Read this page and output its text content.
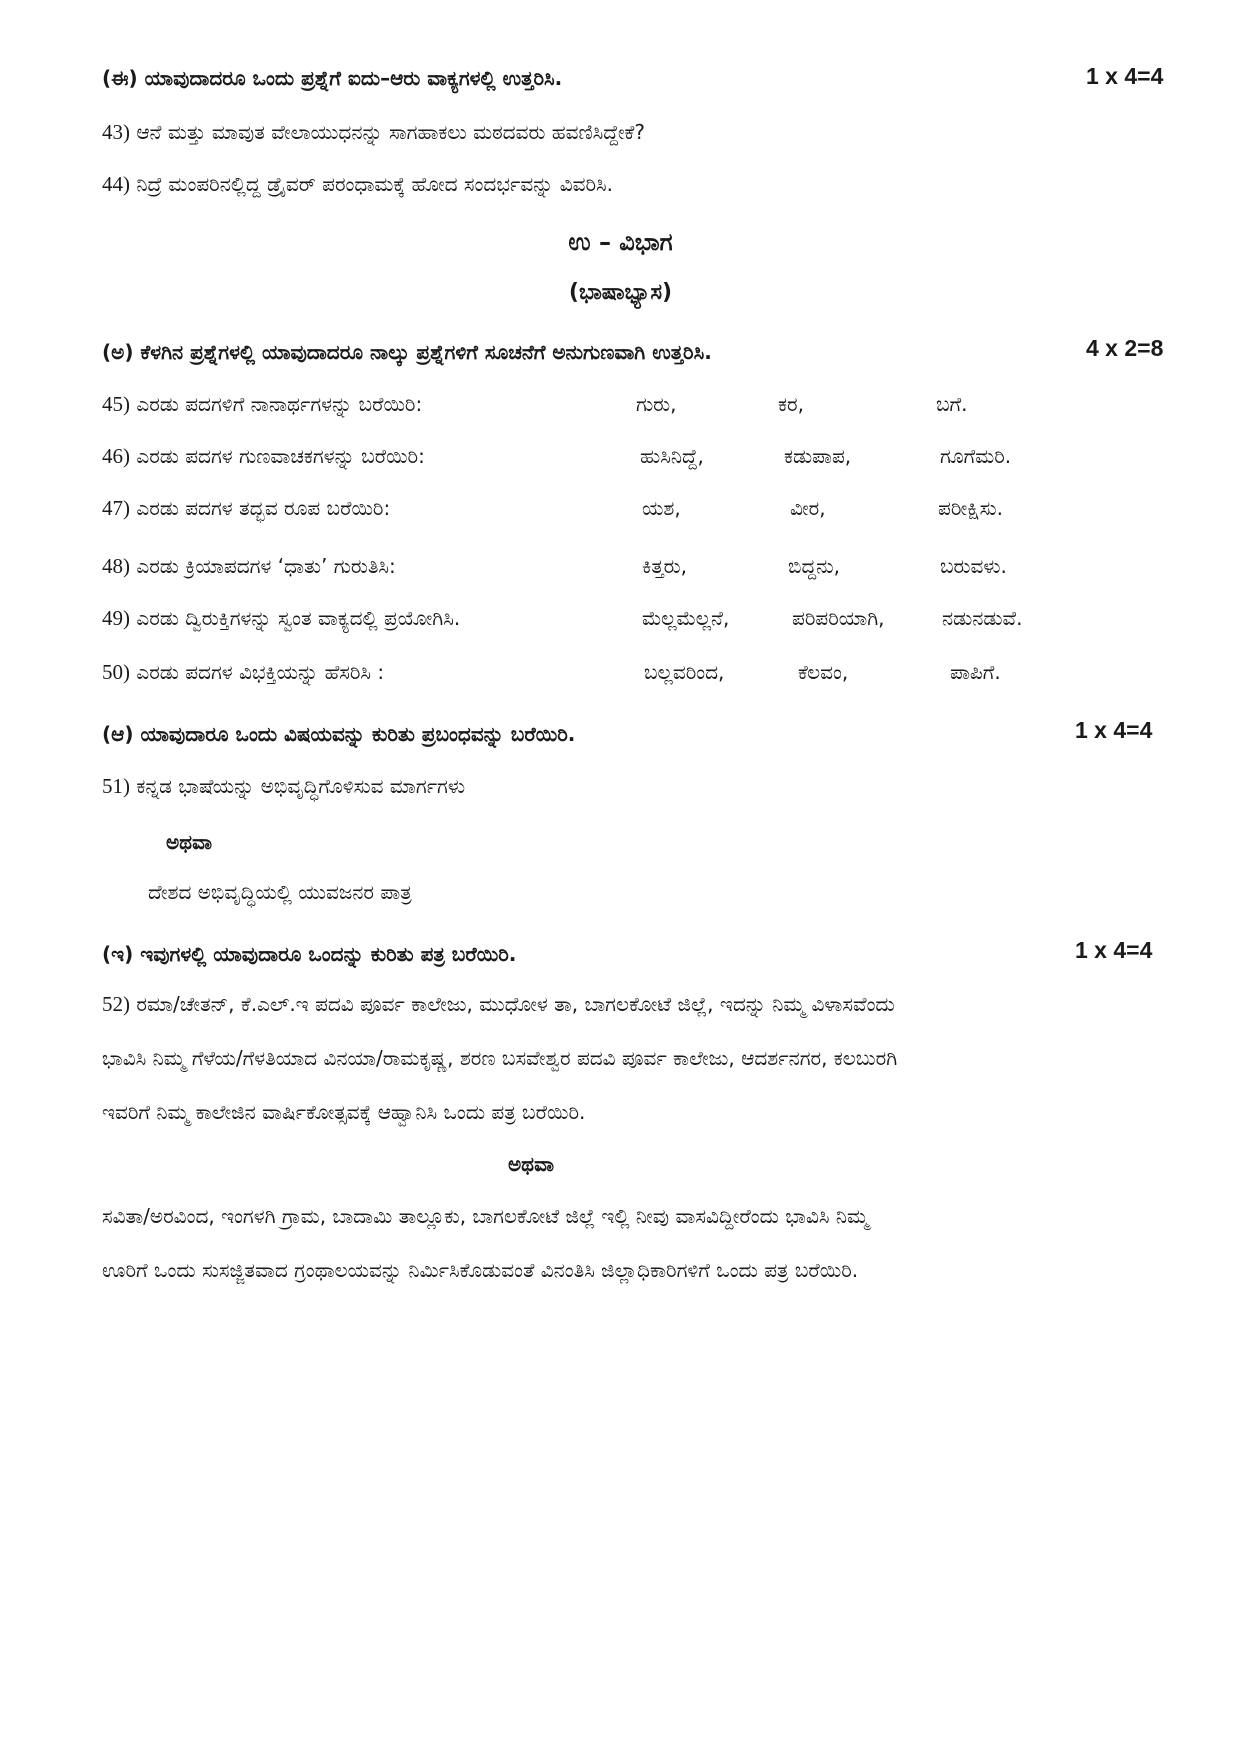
(ಈ) ಯಾವುದಾದರೂ ಒಂದು ಪ್ರಶ್ನೆಗೆ ಐದು–ಆರು ವಾಕ್ಯಗಳಲ್ಲಿ ಉತ್ತರಿಸಿ.	1 x 4=4
43) ಆನೆ ಮತ್ತು ಮಾವುತ ವೇಲಾಯುಧನನ್ನು ಸಾಗಹಾಕಲು ಮಠದವರು ಹವಣಿಸಿದ್ದೇಕೆ?
44) ನಿದ್ರೆ ಮಂಪರಿನಲ್ಲಿದ್ದ ಡ್ರೈವರ್ ಪರಂಧಾಮಕ್ಕೆ ಹೋದ ಸಂದರ್ಭವನ್ನು ವಿವರಿಸಿ.
ಉ – ವಿಭಾಗ
(ಭಾಷಾಭ್ಯಾಸ)
(ಅ) ಕೆಳಗಿನ ಪ್ರಶ್ನೆಗಳಲ್ಲಿ ಯಾವುದಾದರೂ ನಾಲ್ಕು ಪ್ರಶ್ನೆಗಳಿಗೆ ಸೂಚನೆಗೆ ಅನುಗುಣವಾಗಿ ಉತ್ತರಿಸಿ.	4 x 2=8
45) ಎರಡು ಪದಗಳಿಗೆ ನಾನಾರ್ಥಗಳನ್ನು ಬರೆಯಿರಿ:	ಗುರು,	ಕರ,	ಬಗೆ.
46) ಎರಡು ಪದಗಳ ಗುಣವಾಚಕಗಳನ್ನು ಬರೆಯಿರಿ:	ಹುಸಿನಿದ್ದೆ,	ಕಡುಪಾಪ,	ಗೂಗೆಮರಿ.
47) ಎರಡು ಪದಗಳ ತದ್ಭವ ರೂಪ ಬರೆಯಿರಿ:	ಯಶ,	ವೀರ,	ಪರೀಕ್ಷಿಸು.
48) ಎರಡು ಕ್ರಿಯಾಪದಗಳ ‘ಧಾತು’ ಗುರುತಿಸಿ:	ಕಿತ್ತರು,	ಬಿದ್ದನು,	ಬರುವಳು.
49) ಎರಡು ದ್ವಿರುಕ್ತಿಗಳನ್ನು ಸ್ವಂತ ವಾಕ್ಯದಲ್ಲಿ ಪ್ರಯೋಗಿಸಿ.	ಮೆಲ್ಲಮೆಲ್ಲನೆ,	ಪರಿಪರಿಯಾಗಿ,	ನಡುನಡುವೆ.
50) ಎರಡು ಪದಗಳ ವಿಭಕ್ತಿಯನ್ನು ಹೆಸರಿಸಿ :	ಬಲ್ಲವರಿಂದ,	ಕೆಲವಂ,	ಪಾಪಿಗೆ.
(ಆ) ಯಾವುದಾರೂ ಒಂದು ವಿಷಯವನ್ನು ಕುರಿತು ಪ್ರಬಂಧವನ್ನು ಬರೆಯಿರಿ.	1 x 4=4
51) ಕನ್ನಡ ಭಾಷೆಯನ್ನು ಅಭಿವೃದ್ಧಿಗೊಳಿಸುವ ಮಾರ್ಗಗಳು
ಅಥವಾ
ದೇಶದ ಅಭಿವೃದ್ಧಿಯಲ್ಲಿ ಯುವಜನರ ಪಾತ್ರ
(ಇ) ಇವುಗಳಲ್ಲಿ ಯಾವುದಾರೂ ಒಂದನ್ನು ಕುರಿತು ಪತ್ರ ಬರೆಯಿರಿ.	1 x 4=4
52) ರಮಾ/ಚೇತನ್, ಕೆ.ಎಲ್.ಇ ಪದವಿ ಪೂರ್ವ ಕಾಲೇಜು, ಮುಧೋಳ ತಾ, ಬಾಗಲಕೋಟೆ ಜಿಲ್ಲೆ, ಇದನ್ನು ನಿಮ್ಮ ವಿಳಾಸವೆಂದು
ಭಾವಿಸಿ ನಿಮ್ಮ ಗೆಳೆಯ/ಗೆಳತಿಯಾದ ವಿನಯಾ/ರಾಮಕೃಷ್ಣ, ಶರಣ ಬಸವೇಶ್ವರ ಪದವಿ ಪೂರ್ವ ಕಾಲೇಜು, ಆದರ್ಶನಗರ, ಕಲಬುರಗಿ
ಇವರಿಗೆ ನಿಮ್ಮ ಕಾಲೇಜಿನ ವಾರ್ಷಿಕೋತ್ಸವಕ್ಕೆ ಆಹ್ವಾನಿಸಿ ಒಂದು ಪತ್ರ ಬರೆಯಿರಿ.
ಅಥವಾ
ಸವಿತಾ/ಅರವಿಂದ, ಇಂಗಳಗಿ ಗ್ರಾಮ, ಬಾದಾಮಿ ತಾಲ್ಲೂಕು, ಬಾಗಲಕೋಟೆ ಜಿಲ್ಲೆ ಇಲ್ಲಿ ನೀವು ವಾಸವಿದ್ದೀರೆಂದು ಭಾವಿಸಿ ನಿಮ್ಮ
ಊರಿಗೆ ಒಂದು ಸುಸಜ್ಜಿತವಾದ ಗ್ರಂಥಾಲಯವನ್ನು ನಿರ್ಮಿಸಿಕೊಡುವಂತೆ ವಿನಂತಿಸಿ ಜಿಲ್ಲಾಧಿಕಾರಿಗಳಿಗೆ ಒಂದು ಪತ್ರ ಬರೆಯಿರಿ.
